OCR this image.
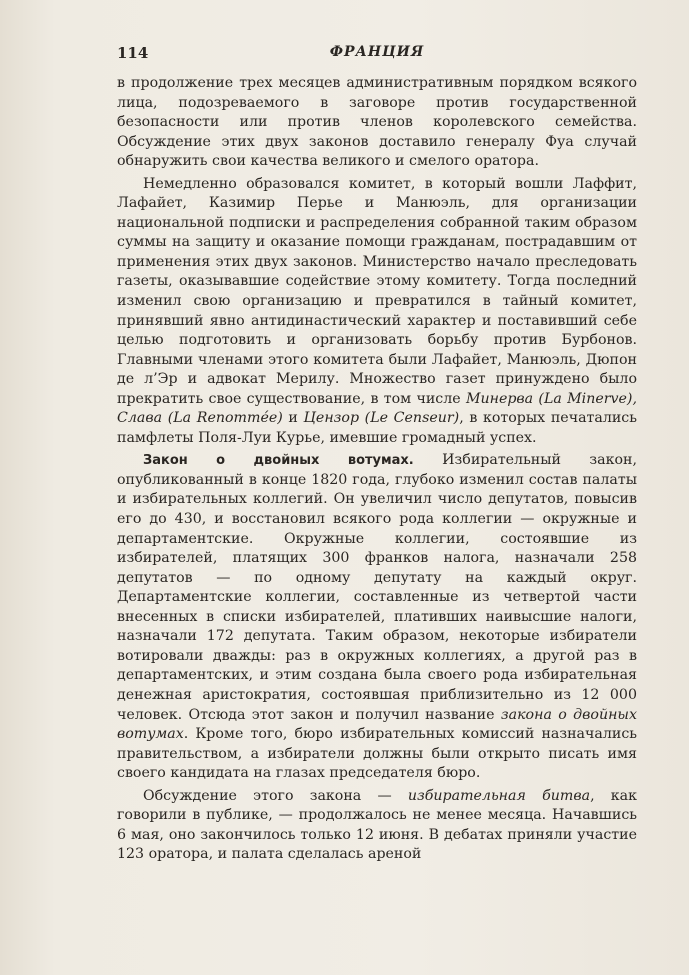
114	ФРАНЦИЯ

в продолжение трех месяцев административным порядком всякого лица, подозреваемого в заговоре против государственной безопасности или против членов королевского семейства. Обсуждение этих двух законов доставило генералу Фуа случай обнаружить свои качества великого и смелого оратора.

Немедленно образовался комитет, в который вошли Лаффит, Лафайет, Казимир Перье и Манюэль, для организации национальной подписки и распределения собранной таким образом суммы на защиту и оказание помощи гражданам, пострадавшим от применения этих двух законов. Министерство начало преследовать газеты, оказывавшие содействие этому комитету. Тогда последний изменил свою организацию и превратился в тайный комитет, принявший явно антидинастический характер и поставивший себе целью подготовить и организовать борьбу против Бурбонов. Главными членами этого комитета были Лафайет, Манюэль, Дюпон де л’Эр и адвокат Мерилу. Множество газет принуждено было прекратить свое существование, в том числе Минерва (La Minerve), Слава (La Renommée) и Цензор (Le Censeur), в которых печатались памфлеты Поля-Луи Курье, имевшие громадный успех.

Закон о двойных вотумах. Избирательный закон, опубликованный в конце 1820 года, глубоко изменил состав палаты и избирательных коллегий. Он увеличил число депутатов, повысив его до 430, и восстановил всякого рода коллегии — окружные и департаментские. Окружные коллегии, состоявшие из избирателей, платящих 300 франков налога, назначали 258 депутатов — по одному депутату на каждый округ. Департаментские коллегии, составленные из четвертой части внесенных в списки избирателей, плативших наивысшие налоги, назначали 172 депутата. Таким образом, некоторые избиратели вотировали дважды: раз в окружных коллегиях, а другой раз в департаментских, и этим создана была своего рода избирательная денежная аристократия, состоявшая приблизительно из 12 000 человек. Отсюда этот закон и получил название закона о двойных вотумах. Кроме того, бюро избирательных комиссий назначались правительством, а избиратели должны были открыто писать имя своего кандидата на глазах председателя бюро.

Обсуждение этого закона — избирательная битва, как говорили в публике, — продолжалось не менее месяца. Начавшись 6 мая, оно закончилось только 12 июня. В дебатах приняли участие 123 оратора, и палата сделалась ареной
